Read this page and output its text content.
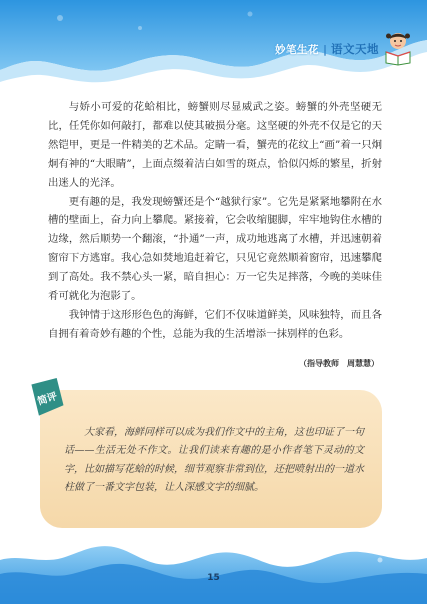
妙笔生花 | 语文天地

与娇小可爱的花蛤相比，螃蟹则尽显威武之姿。螃蟹的外壳坚硬无比，任凭你如何敲打，都难以使其破损分毫。这坚硬的外壳不仅是它的天然铠甲，更是一件精美的艺术品。定睛一看，蟹壳的花纹上“画”着一只炯炯有神的“大眼睛”，上面点缀着洁白如雪的斑点，恰似闪烁的繁星，折射出迷人的光泽。

更有趣的是，我发现螃蟹还是个“越狱行家”。它先是紧紧地攀附在水槽的壁面上，奋力向上攀爬。紧接着，它会收缩腿脚，牢牢地钩住水槽的边缘，然后顺势一个翻滚，“扑通”一声，成功地逃离了水槽，并迅速朝着窗帘下方逃窜。我心急如焚地追赶着它，只见它竟然顺着窗帘，迅速攀爬到了高处。我不禁心头一紧，暗自担心：万一它失足摔落，今晚的美味佳肴可就化为泡影了。

我钟情于这形形色色的海鲜，它们不仅味道鲜美，风味独特，而且各自拥有着奇妙有趣的个性，总能为我的生活增添一抹别样的色彩。

（指导教师　周慧慧）
简评

大家看，海鲜同样可以成为我们作文中的主角，这也印证了一句话——生活无处不作文。让我们读来有趣的是小作者笔下灵动的文字，比如描写花蛤的时候，细节观察非常到位，还把喷射出的一道水柱做了一番文字包装，让人深感文字的细腻。

15
